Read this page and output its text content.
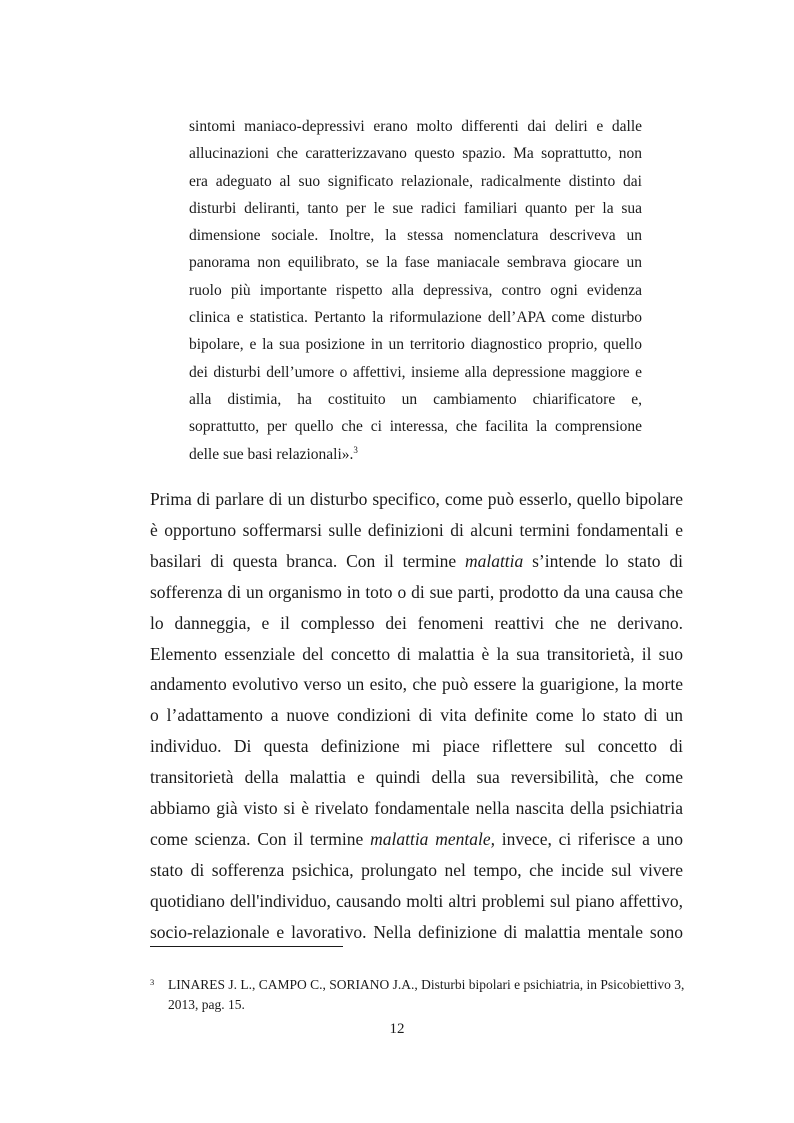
sintomi maniaco-depressivi erano molto differenti dai deliri e dalle
allucinazioni che caratterizzavano questo spazio. Ma soprattutto, non
era adeguato al suo significato relazionale, radicalmente distinto dai
disturbi deliranti, tanto per le sue radici familiari quanto per la sua
dimensione sociale. Inoltre, la stessa nomenclatura descriveva un
panorama non equilibrato, se la fase maniacale sembrava giocare un
ruolo più importante rispetto alla depressiva, contro ogni evidenza
clinica e statistica. Pertanto la riformulazione dell’APA come disturbo
bipolare, e la sua posizione in un territorio diagnostico proprio, quello
dei disturbi dell’umore o affettivi, insieme alla depressione maggiore e
alla distimia, ha costituito un cambiamento chiarificatore e,
soprattutto, per quello che ci interessa, che facilita la comprensione
delle sue basi relazionali».$^3$
Prima di parlare di un disturbo specifico, come può esserlo, quello bipolare
è opportuno soffermarsi sulle definizioni di alcuni termini fondamentali e
basilari di questa branca. Con il termine malattia s’intende lo stato di
sofferenza di un organismo in toto o di sue parti, prodotto da una causa che
lo danneggia, e il complesso dei fenomeni reattivi che ne derivano.
Elemento essenziale del concetto di malattia è la sua transitorietà, il suo
andamento evolutivo verso un esito, che può essere la guarigione, la morte
o l’adattamento a nuove condizioni di vita definite come lo stato di un
individuo. Di questa definizione mi piace riflettere sul concetto di
transitorietà della malattia e quindi della sua reversibilità, che come
abbiamo già visto si è rivelato fondamentale nella nascita della psichiatria
come scienza. Con il termine malattia mentale, invece, ci riferisce a uno
stato di sofferenza psichica, prolungato nel tempo, che incide sul vivere
quotidiano dell'individuo, causando molti altri problemi sul piano affettivo,
socio-relazionale e lavorativo. Nella definizione di malattia mentale sono
3 LINARES J. L., CAMPO C., SORIANO J.A., Disturbi bipolari e psichiatria, in Psicobiettivo 3,
2013, pag. 15.
12
